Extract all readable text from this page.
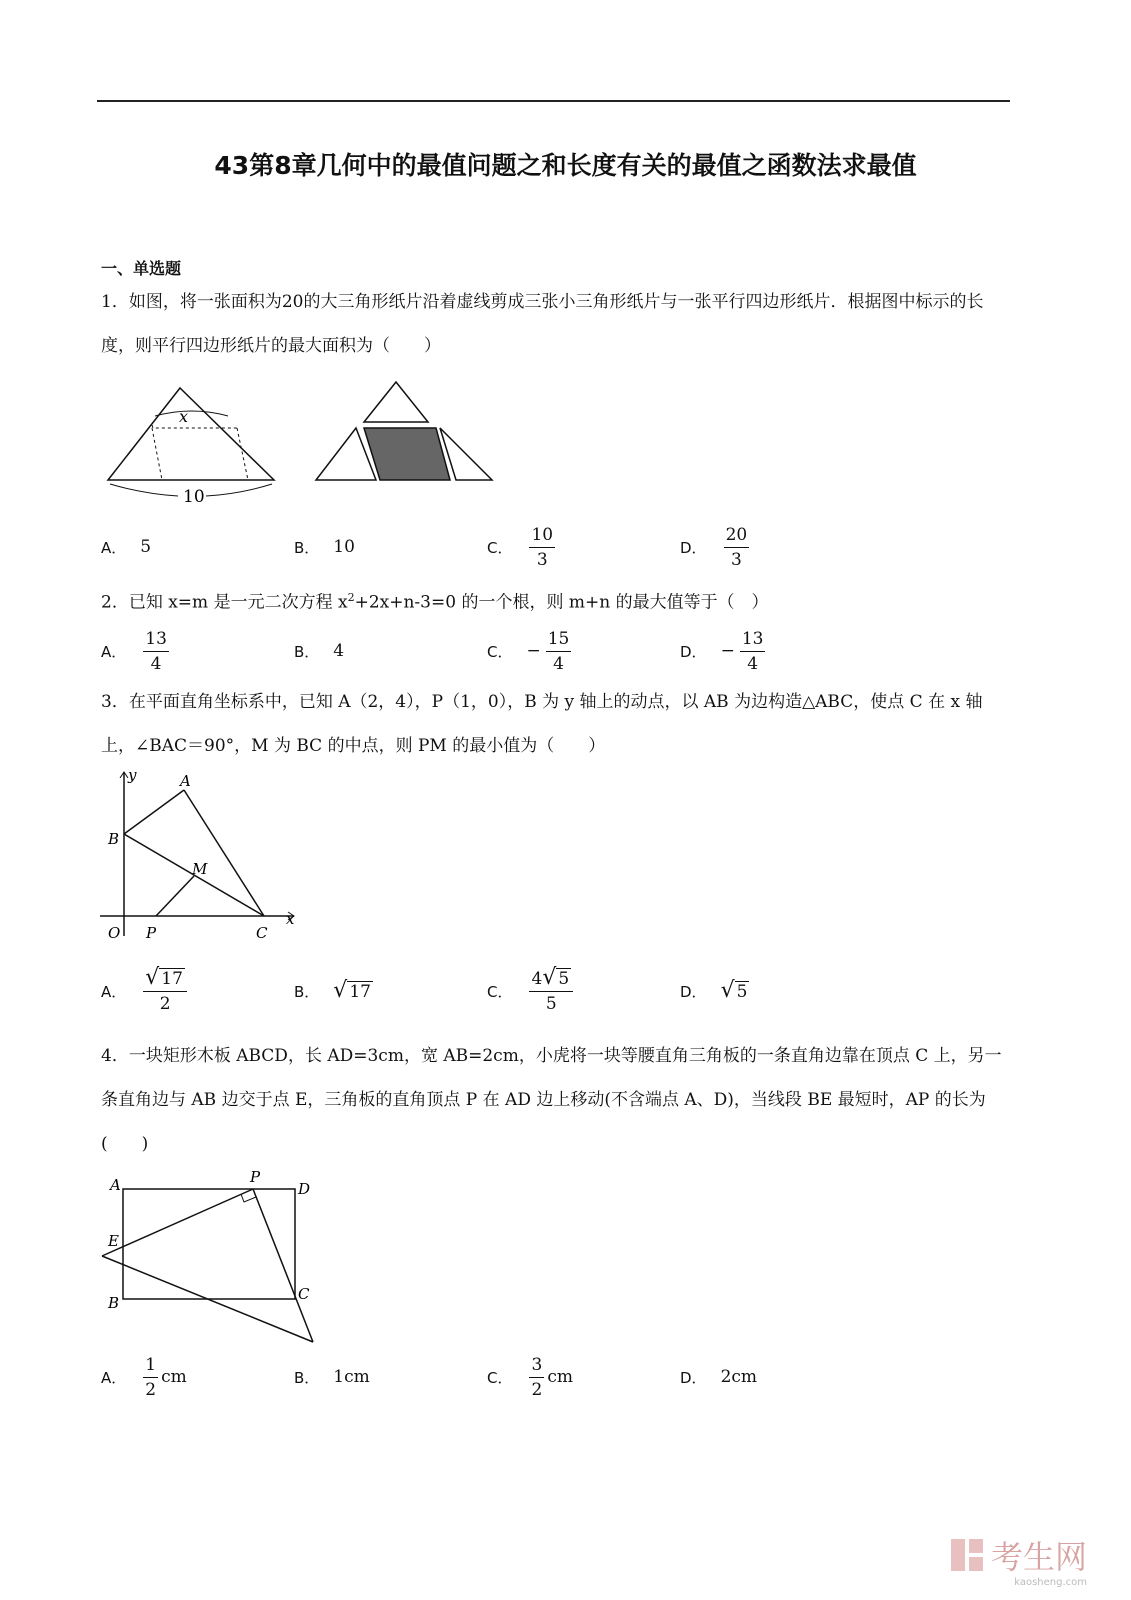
43第8章几何中的最值问题之和长度有关的最值之函数法求最值
一、单选题
1．如图，将一张面积为20的大三角形纸片沿着虚线剪成三张小三角形纸片与一张平行四边形纸片．根据图中标示的长度，则平行四边形纸片的最大面积为（　　）
x
10
A． 5	B． 10	C． $\frac{10}{3}$	D． $\frac{20}{3}$
2．已知 x=m 是一元二次方程 $x^2+2x+n-3=0$ 的一个根，则 m+n 的最大值等于（　）
A． $\frac{13}{4}$	B． 4	C． − $\frac{15}{4}$	D． − $\frac{13}{4}$
3．在平面直角坐标系中，已知 A（2，4），P（1，0），B 为 y 轴上的动点，以 AB 为边构造△ABC，使点 C 在 x 轴上，∠BAC＝90°，M 为 BC 的中点，则 PM 的最小值为（　　）
y
x
A
B
M
O P	C
A． $\frac{√ 17}{2}$	B． √ 17	C． $\frac{4 √ 5}{5}$	D． √ 5
4．一块矩形木板 ABCD，长 AD=3cm，宽 AB=2cm，小虎将一块等腰直角三角板的一条直角边靠在顶点 C 上，另一条直角边与 AB 边交于点 E，三角板的直角顶点 P 在 AD 边上移动(不含端点 A、D)，当线段 BE 最短时，AP 的长为(　　)
A	P
D
E
B	C
A． $\frac{1}{2}$ cm	B． 1cm	C． $\frac{3}{2}$ cm	D． 2cm
考生网
kaosheng.com
